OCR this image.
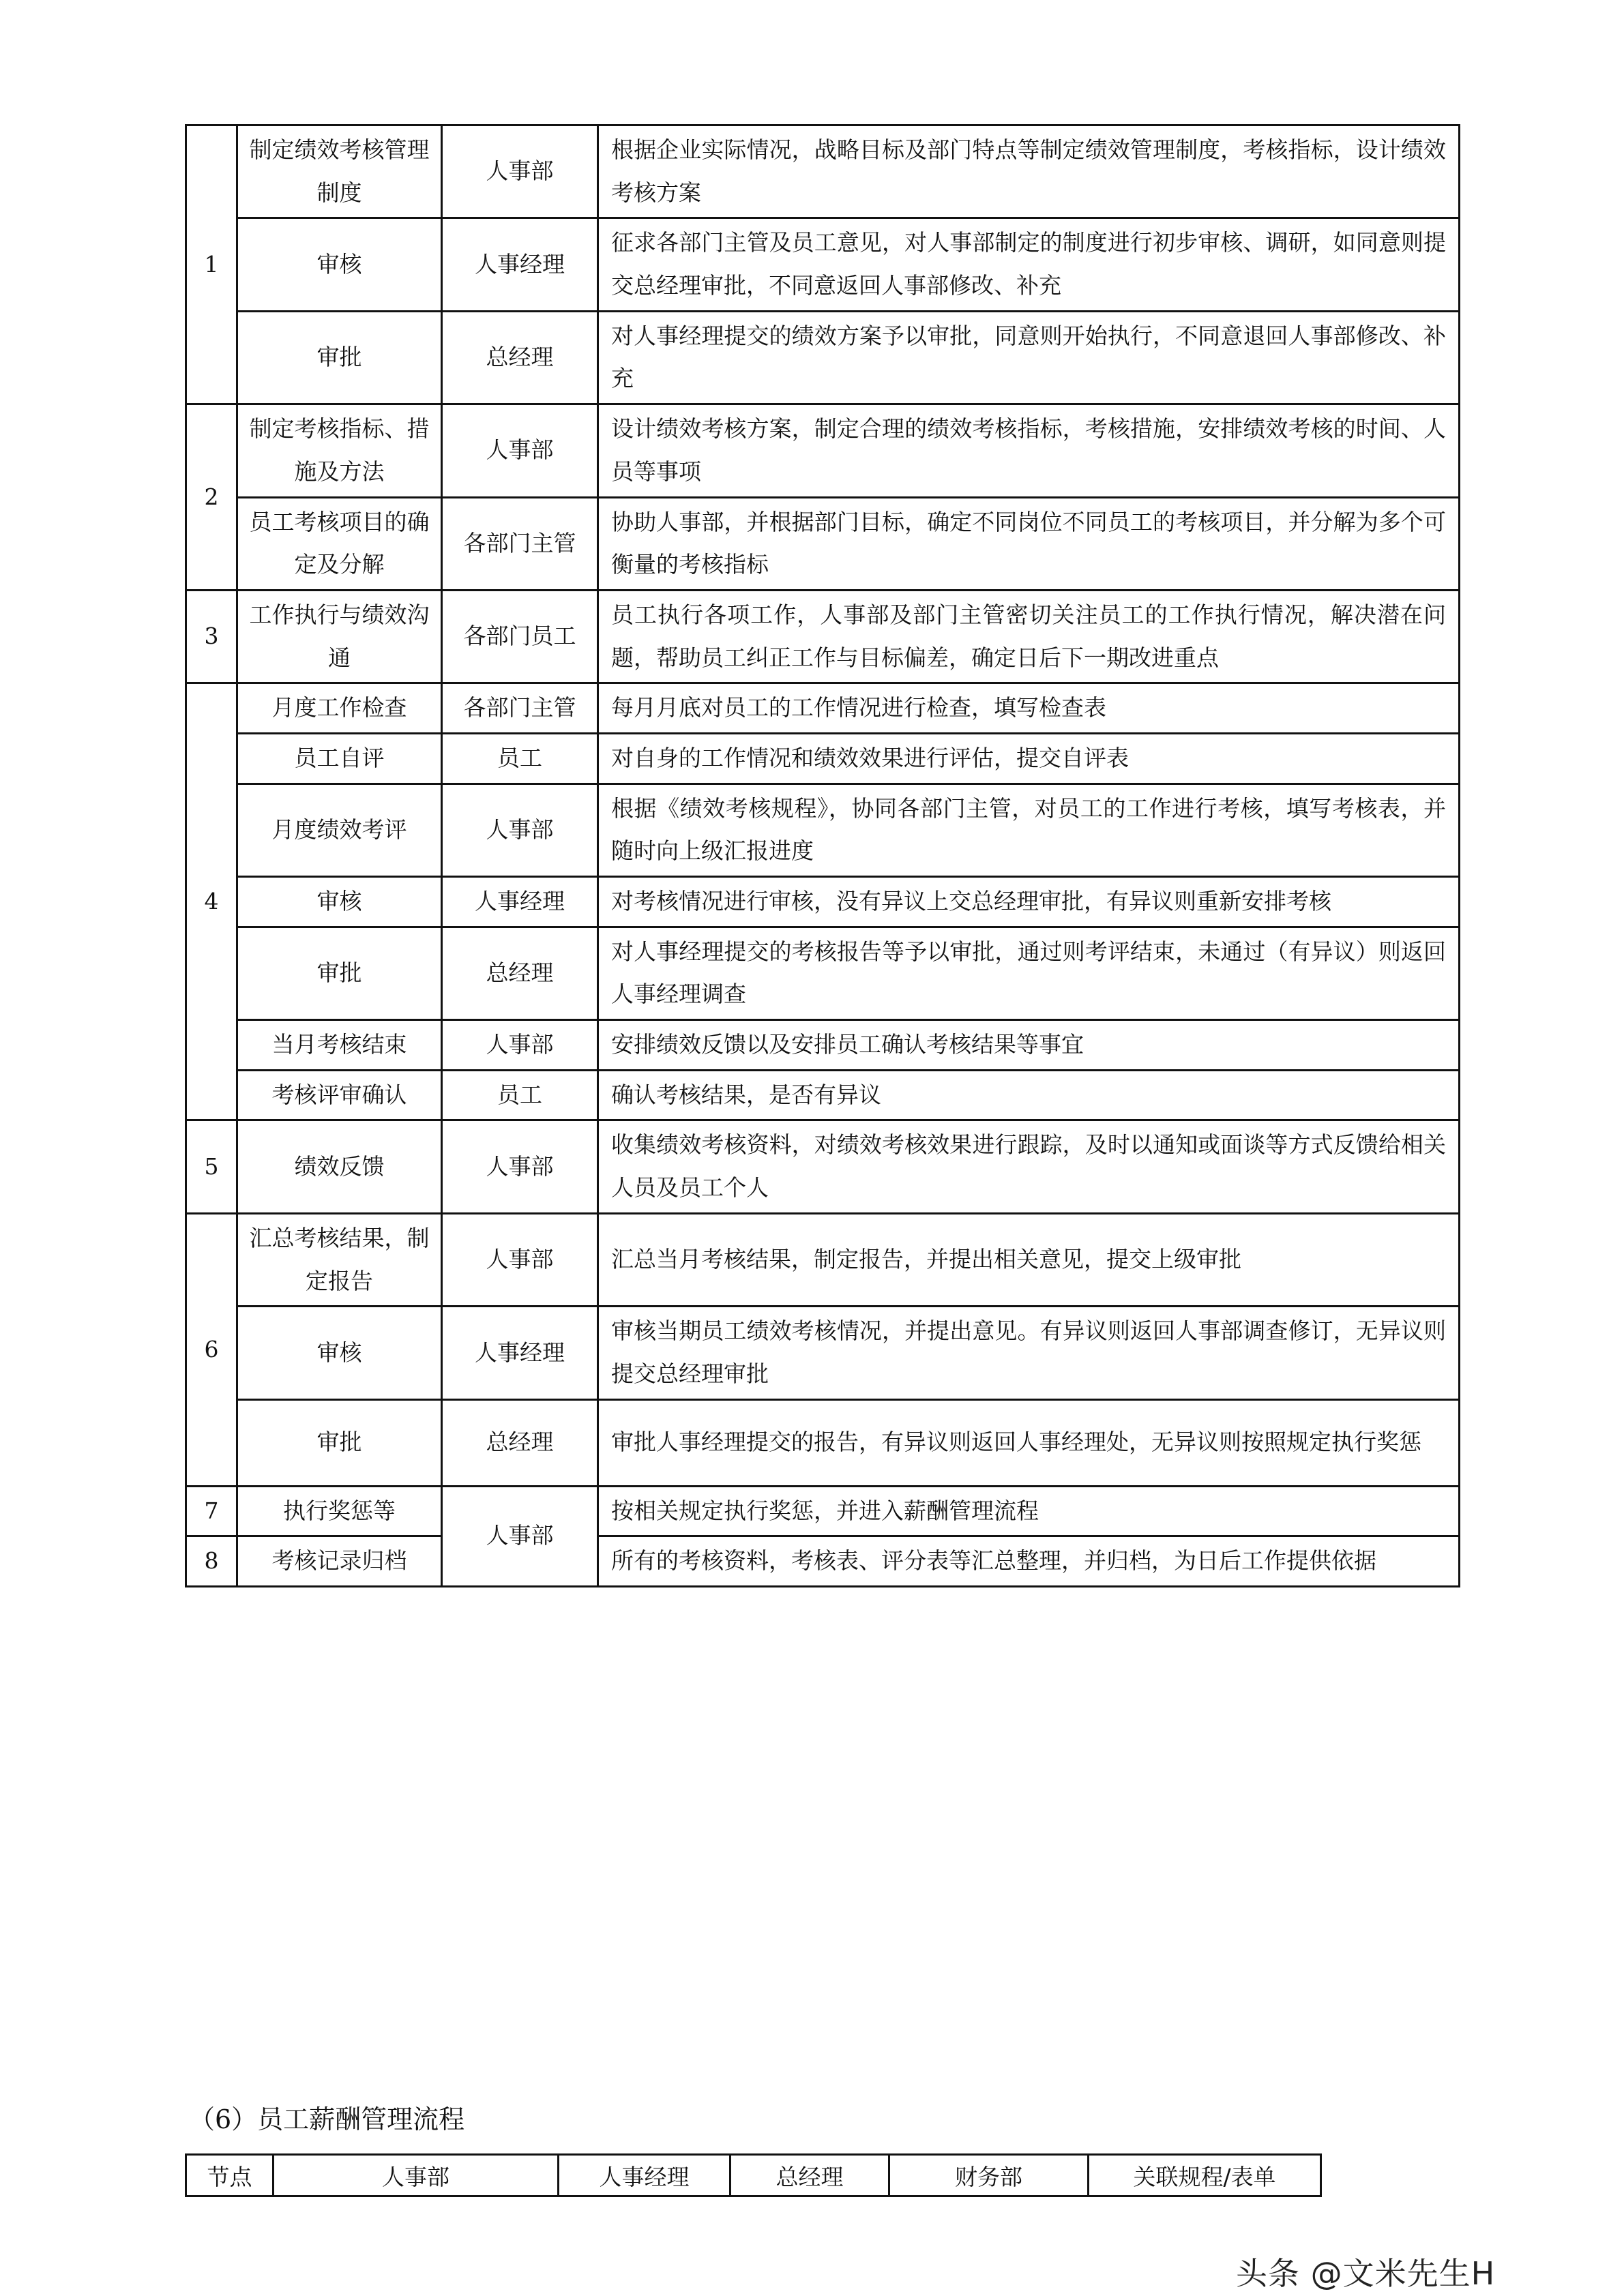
1	制定绩效考核管理制度	人事部	根据企业实际情况，战略目标及部门特点等制定绩效管理制度，考核指标，设计绩效考核方案
	审核	人事经理	征求各部门主管及员工意见，对人事部制定的制度进行初步审核、调研，如同意则提交总经理审批，不同意返回人事部修改、补充
	审批	总经理	对人事经理提交的绩效方案予以审批，同意则开始执行，不同意退回人事部修改、补充
2	制定考核指标、措施及方法	人事部	设计绩效考核方案，制定合理的绩效考核指标，考核措施，安排绩效考核的时间、人员等事项
	员工考核项目的确定及分解	各部门主管	协助人事部，并根据部门目标，确定不同岗位不同员工的考核项目，并分解为多个可衡量的考核指标
3	工作执行与绩效沟通	各部门员工	员工执行各项工作，人事部及部门主管密切关注员工的工作执行情况，解决潜在问题，帮助员工纠正工作与目标偏差，确定日后下一期改进重点
4	月度工作检查	各部门主管	每月月底对员工的工作情况进行检查，填写检查表
	员工自评	员工	对自身的工作情况和绩效效果进行评估，提交自评表
	月度绩效考评	人事部	根据《绩效考核规程》，协同各部门主管，对员工的工作进行考核，填写考核表，并随时向上级汇报进度
	审核	人事经理	对考核情况进行审核，没有异议上交总经理审批，有异议则重新安排考核
	审批	总经理	对人事经理提交的考核报告等予以审批，通过则考评结束，未通过（有异议）则返回人事经理调查
	当月考核结束	人事部	安排绩效反馈以及安排员工确认考核结果等事宜
	考核评审确认	员工	确认考核结果，是否有异议
5	绩效反馈	人事部	收集绩效考核资料，对绩效考核效果进行跟踪，及时以通知或面谈等方式反馈给相关人员及员工个人
6	汇总考核结果，制定报告	人事部	汇总当月考核结果，制定报告，并提出相关意见，提交上级审批
	审核	人事经理	审核当期员工绩效考核情况，并提出意见。有异议则返回人事部调查修订，无异议则提交总经理审批
	审批	总经理	审批人事经理提交的报告，有异议则返回人事经理处，无异议则按照规定执行奖惩
7	执行奖惩等	人事部	按相关规定执行奖惩，并进入薪酬管理流程
8	考核记录归档		所有的考核资料，考核表、评分表等汇总整理，并归档，为日后工作提供依据
（6）员工薪酬管理流程
节点	人事部	人事经理	总经理	财务部	关联规程/表单
头条 @文米先生H
